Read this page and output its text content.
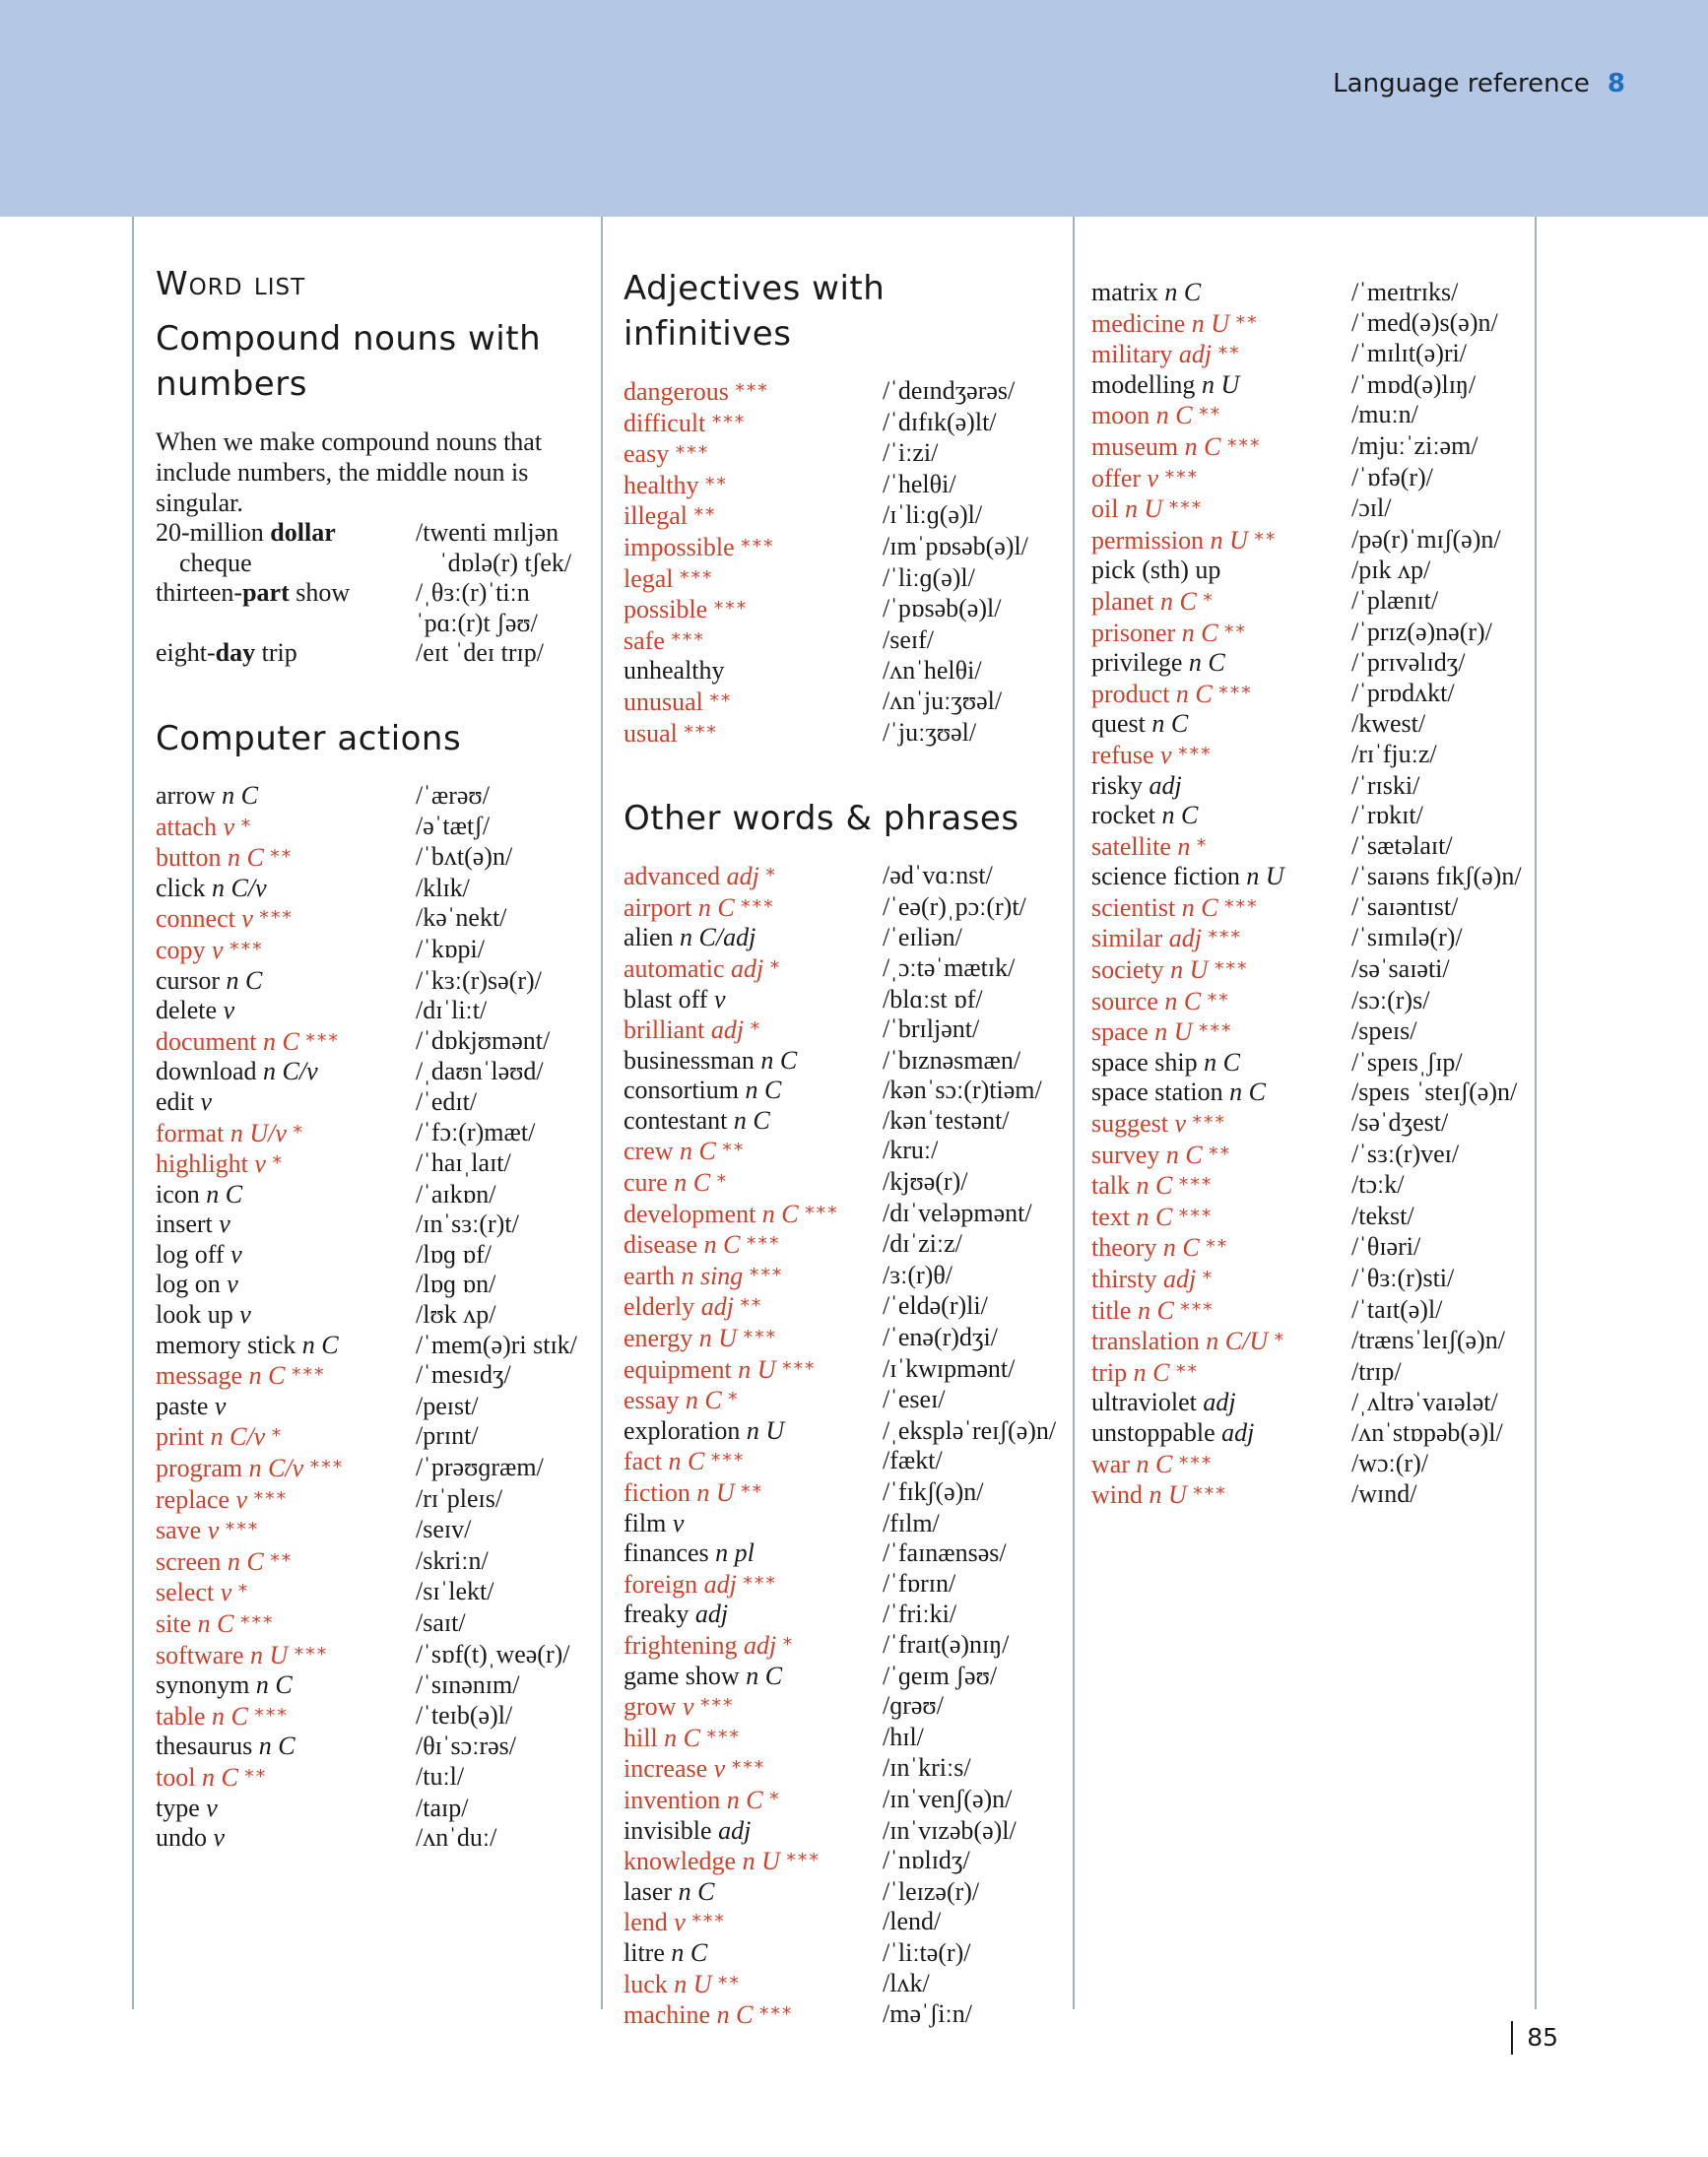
Language reference 8
Word list
Compound nouns with numbers

When we make compound nouns that include numbers, the middle noun is singular.

20-million dollar	/twenti mɪljən
cheque	ˈdɒlə(r) tʃek/
thirteen-part show	/ˌθɜː(r)ˈtiːn
ˈpɑː(r)t ʃəʊ/
eight-day trip	/eɪt ˈdeɪ trɪp/
Computer actions
arrow n C	/ˈærəʊ/
attach v *	/əˈtætʃ/
button n C **	/ˈbʌt(ə)n/
click n C/v	/klɪk/
connect v ***	/kəˈnekt/
copy v ***	/ˈkɒpi/
cursor n C	/ˈkɜː(r)sə(r)/
delete v	/dɪˈliːt/
document n C ***	/ˈdɒkjʊmənt/
download n C/v	/ˌdaʊnˈləʊd/
edit v	/ˈedɪt/
format n U/v *	/ˈfɔː(r)mæt/
highlight v *	/ˈhaɪˌlaɪt/
icon n C	/ˈaɪkɒn/
insert v	/ɪnˈsɜː(r)t/
log off v	/lɒɡ ɒf/
log on v	/lɒɡ ɒn/
look up v	/lʊk ʌp/
memory stick n C	/ˈmem(ə)ri stɪk/
message n C ***	/ˈmesɪdʒ/
paste v	/peɪst/
print n C/v *	/prɪnt/
program n C/v ***	/ˈprəʊɡræm/
replace v ***	/rɪˈpleɪs/
save v ***	/seɪv/
screen n C **	/skriːn/
select v *	/sɪˈlekt/
site n C ***	/saɪt/
software n U ***	/ˈsɒf(t)ˌweə(r)/
synonym n C	/ˈsɪnənɪm/
table n C ***	/ˈteɪb(ə)l/
thesaurus n C	/θɪˈsɔːrəs/
tool n C **	/tuːl/
type v	/taɪp/
undo v	/ʌnˈduː/
Adjectives with infinitives
dangerous ***	/ˈdeɪndʒərəs/
difficult ***	/ˈdɪfɪk(ə)lt/
easy ***	/ˈiːzi/
healthy **	/ˈhelθi/
illegal **	/ɪˈliːɡ(ə)l/
impossible ***	/ɪmˈpɒsəb(ə)l/
legal ***	/ˈliːɡ(ə)l/
possible ***	/ˈpɒsəb(ə)l/
safe ***	/seɪf/
unhealthy	/ʌnˈhelθi/
unusual **	/ʌnˈjuːʒʊəl/
usual ***	/ˈjuːʒʊəl/
Other words & phrases
advanced adj *	/ədˈvɑːnst/
airport n C ***	/ˈeə(r)ˌpɔː(r)t/
alien n C/adj	/ˈeɪliən/
automatic adj *	/ˌɔːtəˈmætɪk/
blast off v	/blɑːst ɒf/
brilliant adj *	/ˈbrɪljənt/
businessman n C	/ˈbɪznəsmæn/
consortium n C	/kənˈsɔː(r)tiəm/
contestant n C	/kənˈtestənt/
crew n C **	/kruː/
cure n C *	/kjʊə(r)/
development n C ***	/dɪˈveləpmənt/
disease n C ***	/dɪˈziːz/
earth n sing ***	/ɜː(r)θ/
elderly adj **	/ˈeldə(r)li/
energy n U ***	/ˈenə(r)dʒi/
equipment n U ***	/ɪˈkwɪpmənt/
essay n C *	/ˈeseɪ/
exploration n U	/ˌekspləˈreɪʃ(ə)n/
fact n C ***	/fækt/
fiction n U **	/ˈfɪkʃ(ə)n/
film v	/fɪlm/
finances n pl	/ˈfaɪnænsəs/
foreign adj ***	/ˈfɒrɪn/
freaky adj	/ˈfriːki/
frightening adj *	/ˈfraɪt(ə)nɪŋ/
game show n C	/ˈɡeɪm ʃəʊ/
grow v ***	/ɡrəʊ/
hill n C ***	/hɪl/
increase v ***	/ɪnˈkriːs/
invention n C *	/ɪnˈvenʃ(ə)n/
invisible adj	/ɪnˈvɪzəb(ə)l/
knowledge n U ***	/ˈnɒlɪdʒ/
laser n C	/ˈleɪzə(r)/
lend v ***	/lend/
litre n C	/ˈliːtə(r)/
luck n U **	/lʌk/
machine n C ***	/məˈʃiːn/
matrix n C	/ˈmeɪtrɪks/
medicine n U **	/ˈmed(ə)s(ə)n/
military adj **	/ˈmɪlɪt(ə)ri/
modelling n U	/ˈmɒd(ə)lɪŋ/
moon n C **	/muːn/
museum n C ***	/mjuːˈziːəm/
offer v ***	/ˈɒfə(r)/
oil n U ***	/ɔɪl/
permission n U **	/pə(r)ˈmɪʃ(ə)n/
pick (sth) up	/pɪk ʌp/
planet n C *	/ˈplænɪt/
prisoner n C **	/ˈprɪz(ə)nə(r)/
privilege n C	/ˈprɪvəlɪdʒ/
product n C ***	/ˈprɒdʌkt/
quest n C	/kwest/
refuse v ***	/rɪˈfjuːz/
risky adj	/ˈrɪski/
rocket n C	/ˈrɒkɪt/
satellite n *	/ˈsætəlaɪt/
science fiction n U	/ˈsaɪəns fɪkʃ(ə)n/
scientist n C ***	/ˈsaɪəntɪst/
similar adj ***	/ˈsɪmɪlə(r)/
society n U ***	/səˈsaɪəti/
source n C **	/sɔː(r)s/
space n U ***	/speɪs/
space ship n C	/ˈspeɪsˌʃɪp/
space station n C	/speɪs ˈsteɪʃ(ə)n/
suggest v ***	/səˈdʒest/
survey n C **	/ˈsɜː(r)veɪ/
talk n C ***	/tɔːk/
text n C ***	/tekst/
theory n C **	/ˈθɪəri/
thirsty adj *	/ˈθɜː(r)sti/
title n C ***	/ˈtaɪt(ə)l/
translation n C/U *	/trænsˈleɪʃ(ə)n/
trip n C **	/trɪp/
ultraviolet adj	/ˌʌltrəˈvaɪələt/
unstoppable adj	/ʌnˈstɒpəb(ə)l/
war n C ***	/wɔː(r)/
wind n U ***	/wɪnd/
85
